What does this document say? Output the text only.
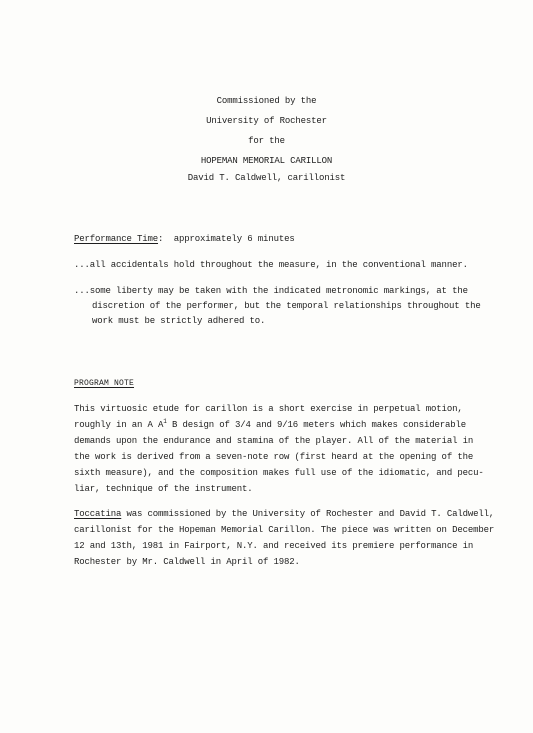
Commissioned by the
University of Rochester
for the
HOPEMAN MEMORIAL CARILLON
David T. Caldwell, carillonist
Performance Time: approximately 6 minutes
...all accidentals hold throughout the measure, in the conventional manner.
...some liberty may be taken with the indicated metronomic markings, at the
discretion of the performer, but the temporal relationships throughout the
work must be strictly adhered to.
PROGRAM NOTE
This virtuosic etude for carillon is a short exercise in perpetual motion,
roughly in an A $A^1$ B design of 3/4 and 9/16 meters which makes considerable
demands upon the endurance and stamina of the player. All of the material in
the work is derived from a seven-note row (first heard at the opening of the
sixth measure), and the composition makes full use of the idiomatic, and pecu-
liar, technique of the instrument.
Toccatina was commissioned by the University of Rochester and David T. Caldwell,
carillonist for the Hopeman Memorial Carillon. The piece was written on December
12 and 13th, 1981 in Fairport, N.Y. and received its premiere performance in
Rochester by Mr. Caldwell in April of 1982.
